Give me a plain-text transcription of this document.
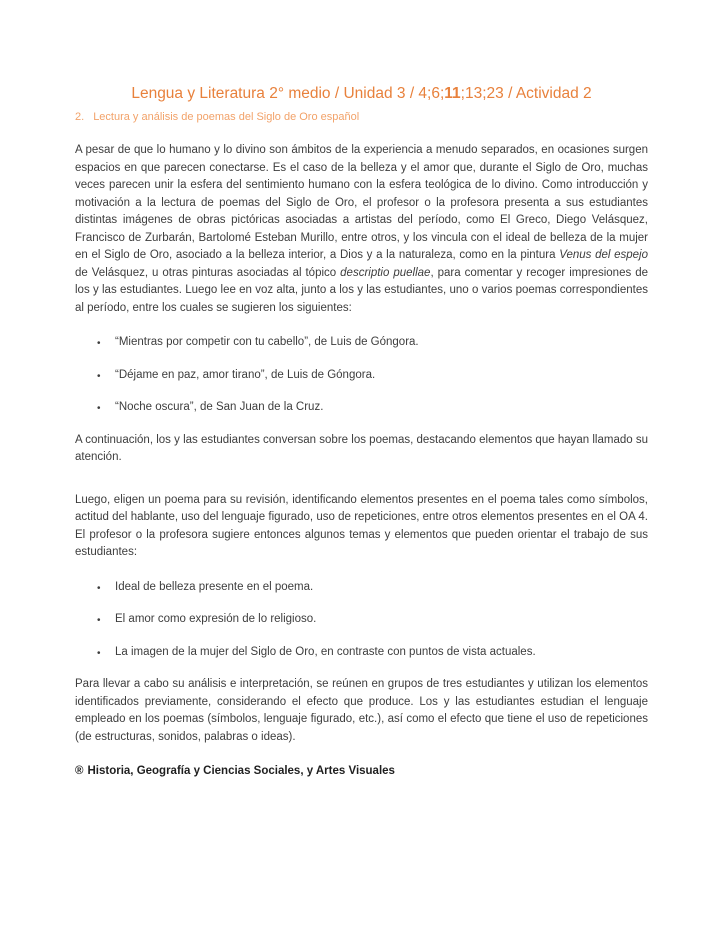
Lengua y Literatura 2° medio / Unidad 3 / 4;6;11;13;23 / Actividad 2
2. Lectura y análisis de poemas del Siglo de Oro español

A pesar de que lo humano y lo divino son ámbitos de la experiencia a menudo separados, en ocasiones surgen espacios en que parecen conectarse. Es el caso de la belleza y el amor que, durante el Siglo de Oro, muchas veces parecen unir la esfera del sentimiento humano con la esfera teológica de lo divino. Como introducción y motivación a la lectura de poemas del Siglo de Oro, el profesor o la profesora presenta a sus estudiantes distintas imágenes de obras pictóricas asociadas a artistas del período, como El Greco, Diego Velásquez, Francisco de Zurbarán, Bartolomé Esteban Murillo, entre otros, y los vincula con el ideal de belleza de la mujer en el Siglo de Oro, asociado a la belleza interior, a Dios y a la naturaleza, como en la pintura Venus del espejo de Velásquez, u otras pinturas asociadas al tópico descriptio puellae, para comentar y recoger impresiones de los y las estudiantes. Luego lee en voz alta, junto a los y las estudiantes, uno o varios poemas correspondientes al período, entre los cuales se sugieren los siguientes:

• “Mientras por competir con tu cabello”, de Luis de Góngora.
• “Déjame en paz, amor tirano”, de Luis de Góngora.
• “Noche oscura”, de San Juan de la Cruz.

A continuación, los y las estudiantes conversan sobre los poemas, destacando elementos que hayan llamado su atención.

Luego, eligen un poema para su revisión, identificando elementos presentes en el poema tales como símbolos, actitud del hablante, uso del lenguaje figurado, uso de repeticiones, entre otros elementos presentes en el OA 4. El profesor o la profesora sugiere entonces algunos temas y elementos que pueden orientar el trabajo de sus estudiantes:

• Ideal de belleza presente en el poema.
• El amor como expresión de lo religioso.
• La imagen de la mujer del Siglo de Oro, en contraste con puntos de vista actuales.

Para llevar a cabo su análisis e interpretación, se reúnen en grupos de tres estudiantes y utilizan los elementos identificados previamente, considerando el efecto que produce. Los y las estudiantes estudian el lenguaje empleado en los poemas (símbolos, lenguaje figurado, etc.), así como el efecto que tiene el uso de repeticiones (de estructuras, sonidos, palabras o ideas).

® Historia, Geografía y Ciencias Sociales, y Artes Visuales
